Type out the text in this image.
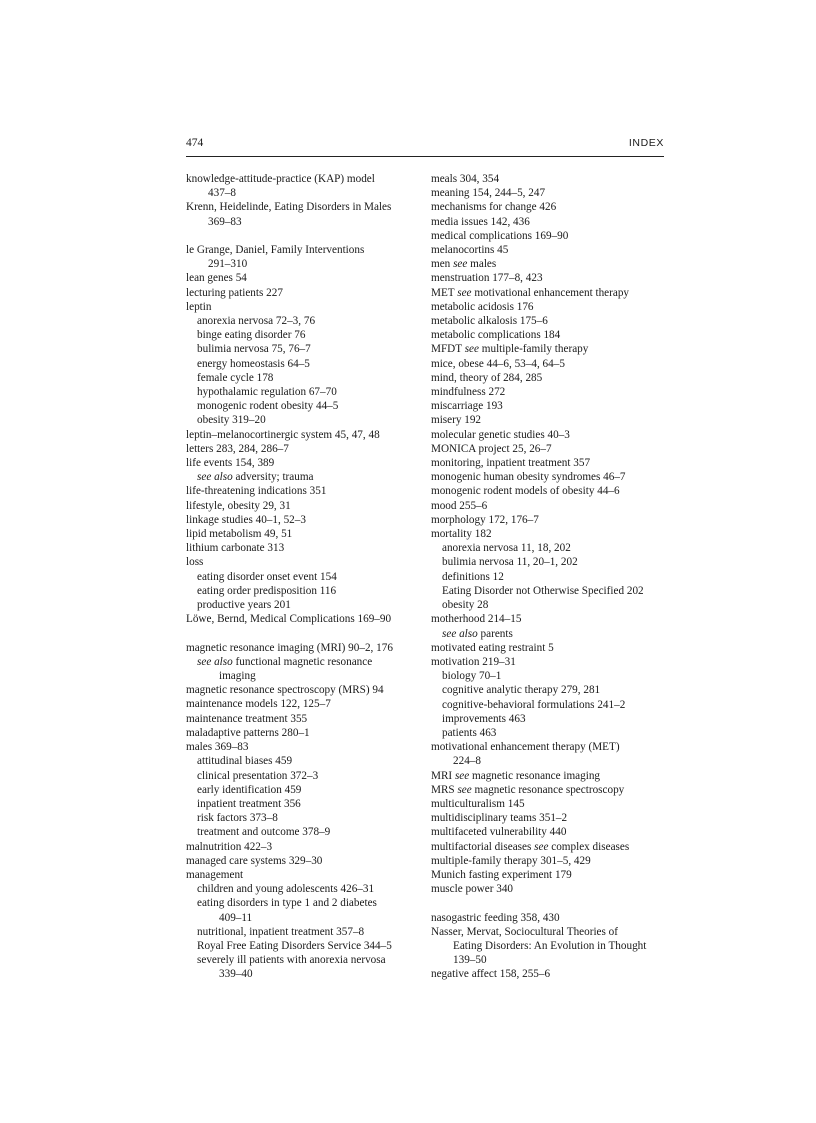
474	INDEX
knowledge-attitude-practice (KAP) model
437–8
Krenn, Heidelinde, Eating Disorders in Males
369–83
le Grange, Daniel, Family Interventions
291–310
lean genes 54
lecturing patients 227
leptin
anorexia nervosa 72–3, 76
binge eating disorder 76
bulimia nervosa 75, 76–7
energy homeostasis 64–5
female cycle 178
hypothalamic regulation 67–70
monogenic rodent obesity 44–5
obesity 319–20
leptin–melanocortinergic system 45, 47, 48
letters 283, 284, 286–7
life events 154, 389
see also adversity; trauma
life-threatening indications 351
lifestyle, obesity 29, 31
linkage studies 40–1, 52–3
lipid metabolism 49, 51
lithium carbonate 313
loss
eating disorder onset event 154
eating order predisposition 116
productive years 201
Löwe, Bernd, Medical Complications 169–90
magnetic resonance imaging (MRI) 90–2, 176
see also functional magnetic resonance
imaging
magnetic resonance spectroscopy (MRS) 94
maintenance models 122, 125–7
maintenance treatment 355
maladaptive patterns 280–1
males 369–83
attitudinal biases 459
clinical presentation 372–3
early identification 459
inpatient treatment 356
risk factors 373–8
treatment and outcome 378–9
malnutrition 422–3
managed care systems 329–30
management
children and young adolescents 426–31
eating disorders in type 1 and 2 diabetes
409–11
nutritional, inpatient treatment 357–8
Royal Free Eating Disorders Service 344–5
severely ill patients with anorexia nervosa
339–40
meals 304, 354
meaning 154, 244–5, 247
mechanisms for change 426
media issues 142, 436
medical complications 169–90
melanocortins 45
men see males
menstruation 177–8, 423
MET see motivational enhancement therapy
metabolic acidosis 176
metabolic alkalosis 175–6
metabolic complications 184
MFDT see multiple-family therapy
mice, obese 44–6, 53–4, 64–5
mind, theory of 284, 285
mindfulness 272
miscarriage 193
misery 192
molecular genetic studies 40–3
MONICA project 25, 26–7
monitoring, inpatient treatment 357
monogenic human obesity syndromes 46–7
monogenic rodent models of obesity 44–6
mood 255–6
morphology 172, 176–7
mortality 182
anorexia nervosa 11, 18, 202
bulimia nervosa 11, 20–1, 202
definitions 12
Eating Disorder not Otherwise Specified 202
obesity 28
motherhood 214–15
see also parents
motivated eating restraint 5
motivation 219–31
biology 70–1
cognitive analytic therapy 279, 281
cognitive-behavioral formulations 241–2
improvements 463
patients 463
motivational enhancement therapy (MET)
224–8
MRI see magnetic resonance imaging
MRS see magnetic resonance spectroscopy
multiculturalism 145
multidisciplinary teams 351–2
multifaceted vulnerability 440
multifactorial diseases see complex diseases
multiple-family therapy 301–5, 429
Munich fasting experiment 179
muscle power 340
nasogastric feeding 358, 430
Nasser, Mervat, Sociocultural Theories of
Eating Disorders: An Evolution in Thought
139–50
negative affect 158, 255–6
